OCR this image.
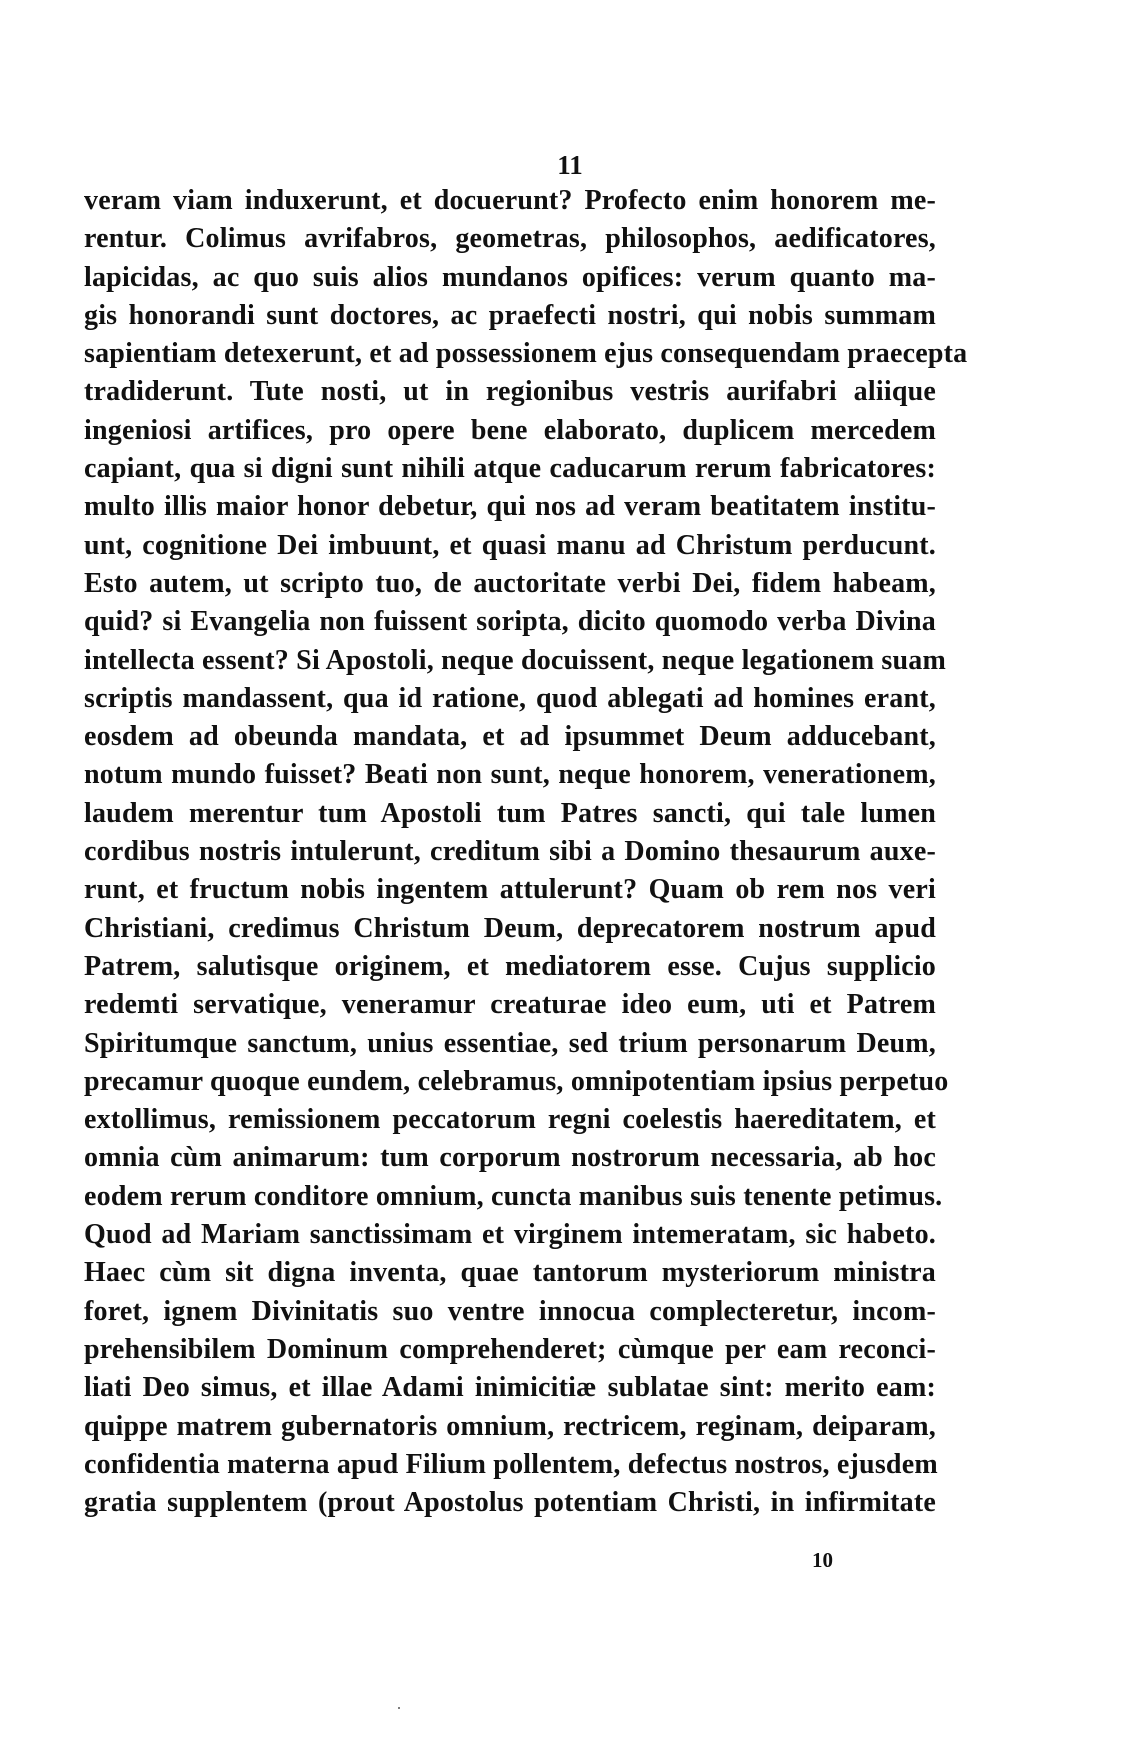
11
veram viam induxerunt, et docuerunt? Profecto enim honorem me-
rentur. Colimus avrifabros, geometras, philosophos, aedificatores,
lapicidas, ac quo suis alios mundanos opifices: verum quanto ma-
gis honorandi sunt doctores, ac praefecti nostri, qui nobis summam
sapientiam detexerunt, et ad possessionem ejus consequendam praecepta
tradiderunt. Tute nosti, ut in regionibus vestris aurifabri aliique
ingeniosi artifices, pro opere bene elaborato, duplicem mercedem
capiant, qua si digni sunt nihili atque caducarum rerum fabricatores:
multo illis maior honor debetur, qui nos ad veram beatitatem institu-
unt, cognitione Dei imbuunt, et quasi manu ad Christum perducunt.
Esto autem, ut scripto tuo, de auctoritate verbi Dei, fidem habeam,
quid? si Evangelia non fuissent soripta, dicito quomodo verba Divina
intellecta essent? Si Apostoli, neque docuissent, neque legationem suam
scriptis mandassent, qua id ratione, quod ablegati ad homines erant,
eosdem ad obeunda mandata, et ad ipsummet Deum adducebant,
notum mundo fuisset? Beati non sunt, neque honorem, venerationem,
laudem merentur tum Apostoli tum Patres sancti, qui tale lumen
cordibus nostris intulerunt, creditum sibi a Domino thesaurum auxe-
runt, et fructum nobis ingentem attulerunt? Quam ob rem nos veri
Christiani, credimus Christum Deum, deprecatorem nostrum apud
Patrem, salutisque originem, et mediatorem esse. Cujus supplicio
redemti servatique, veneramur creaturae ideo eum, uti et Patrem
Spiritumque sanctum, unius essentiae, sed trium personarum Deum,
precamur quoque eundem, celebramus, omnipotentiam ipsius perpetuo
extollimus, remissionem peccatorum regni coelestis haereditatem, et
omnia cùm animarum: tum corporum nostrorum necessaria, ab hoc
eodem rerum conditore omnium, cuncta manibus suis tenente petimus.
Quod ad Mariam sanctissimam et virginem intemeratam, sic habeto.
Haec cùm sit digna inventa, quae tantorum mysteriorum ministra
foret, ignem Divinitatis suo ventre innocua complecteretur, incom-
prehensibilem Dominum comprehenderet; cùmque per eam reconci-
liati Deo simus, et illae Adami inimicitiæ sublatae sint: merito eam:
quippe matrem gubernatoris omnium, rectricem, reginam, deiparam,
confidentia materna apud Filium pollentem, defectus nostros, ejusdem
gratia supplentem (prout Apostolus potentiam Christi, in infirmitate
10
